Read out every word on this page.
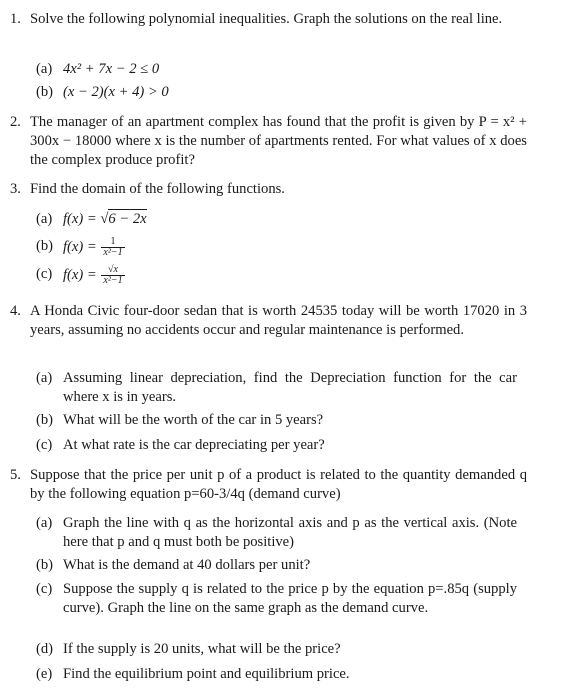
1. Solve the following polynomial inequalities. Graph the solutions on the real line.
(a) 4x² + 7x − 2 ≤ 0
(b) (x − 2)(x + 4) > 0
2. The manager of an apartment complex has found that the profit is given by P = x² + 300x − 18000 where x is the number of apartments rented. For what values of x does the complex produce profit?
3. Find the domain of the following functions.
(a) f(x) = √6 − 2x
(b) $f(x) = \frac{1}{\text{x²−1}}$
(c) $f(x) = \frac{√x}{\text{x²−1}}$
4. A Honda Civic four-door sedan that is worth 24535 today will be worth 17020 in 3 years, assuming no accidents occur and regular maintenance is performed.
(a) Assuming linear depreciation, find the Depreciation function for the car where x is in years.
(b) What will be the worth of the car in 5 years?
(c) At what rate is the car depreciating per year?
5. Suppose that the price per unit p of a product is related to the quantity demanded q by the following equation p=60-3/4q (demand curve)
(a) Graph the line with q as the horizontal axis and p as the vertical axis. (Note here that p and q must both be positive)
(b) What is the demand at 40 dollars per unit?
(c) Suppose the supply q is related to the price p by the equation p=.85q (supply curve). Graph the line on the same graph as the demand curve.
(d) If the supply is 20 units, what will be the price?
(e) Find the equilibrium point and equilibrium price.
